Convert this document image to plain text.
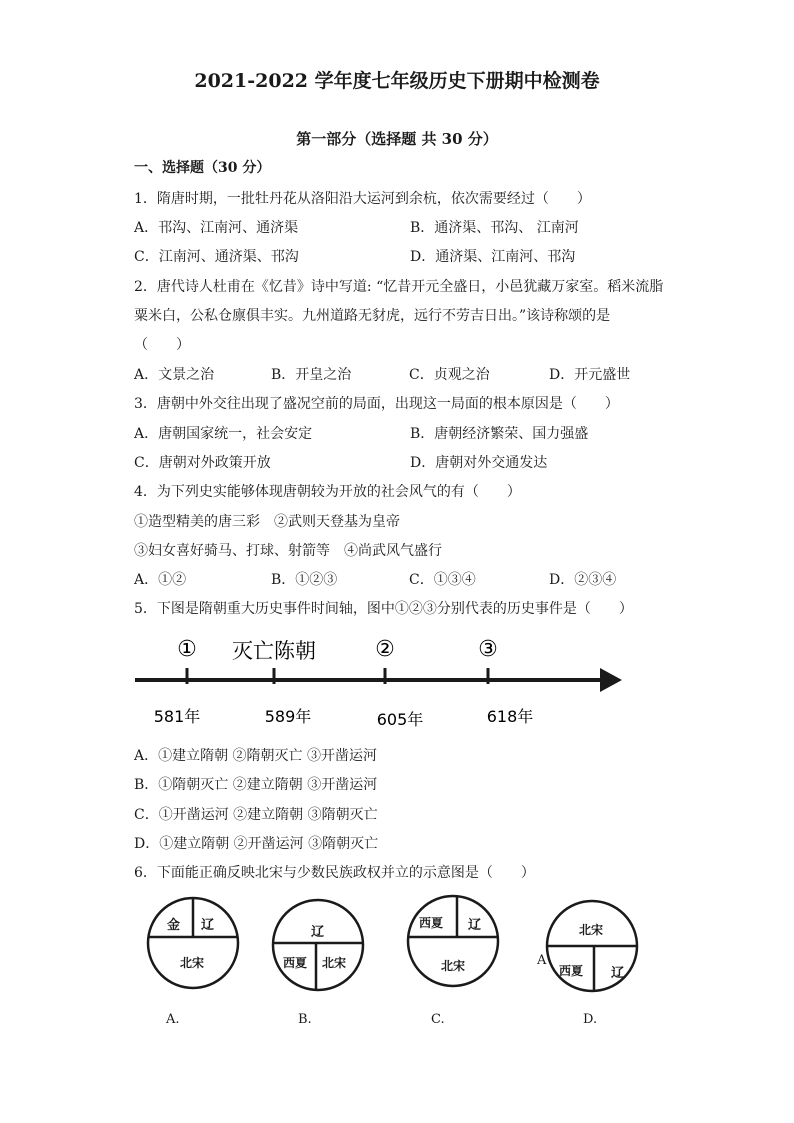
2021-2022 学年度七年级历史下册期中检测卷
第一部分（选择题 共 30 分）
一、选择题（30 分）
1．隋唐时期，一批牡丹花从洛阳沿大运河到余杭，依次需要经过（　　）
A．邗沟、江南河、通济渠	B．通济渠、邗沟、 江南河
C．江南河、通济渠、邗沟	D．通济渠、江南河、邗沟
2．唐代诗人杜甫在《忆昔》诗中写道: “忆昔开元全盛日，小邑犹藏万家室。稻米流脂
粟米白，公私仓廪俱丰实。九州道路无豺虎，远行不劳吉日出。”该诗称颂的是
（　　）
A．文景之治	B．开皇之治	C．贞观之治	D．开元盛世
3．唐朝中外交往出现了盛况空前的局面，出现这一局面的根本原因是（　　）
A．唐朝国家统一，社会安定	B．唐朝经济繁荣、国力强盛
C．唐朝对外政策开放	D．唐朝对外交通发达
4．为下列史实能够体现唐朝较为开放的社会风气的有（　　）
①造型精美的唐三彩　②武则天登基为皇帝
③妇女喜好骑马、打球、射箭等　④尚武风气盛行
A．①②	B．①②③	C．①③④	D．②③④
5．下图是隋朝重大历史事件时间轴，图中①②③分别代表的历史事件是（　　）
① 灭亡陈朝	②	③
581年	589年	605年	618年
A．①建立隋朝 ②隋朝灭亡 ③开凿运河
B．①隋朝灭亡 ②建立隋朝 ③开凿运河
C．①开凿运河 ②建立隋朝 ③隋朝灭亡
D．①建立隋朝 ②开凿运河 ③隋朝灭亡
6．下面能正确反映北宋与少数民族政权并立的示意图是（　　）
金 辽
北宋
A.
辽
西夏 北宋
B.
西夏 辽
北宋
C.
北宋
西夏 辽
A
D.
